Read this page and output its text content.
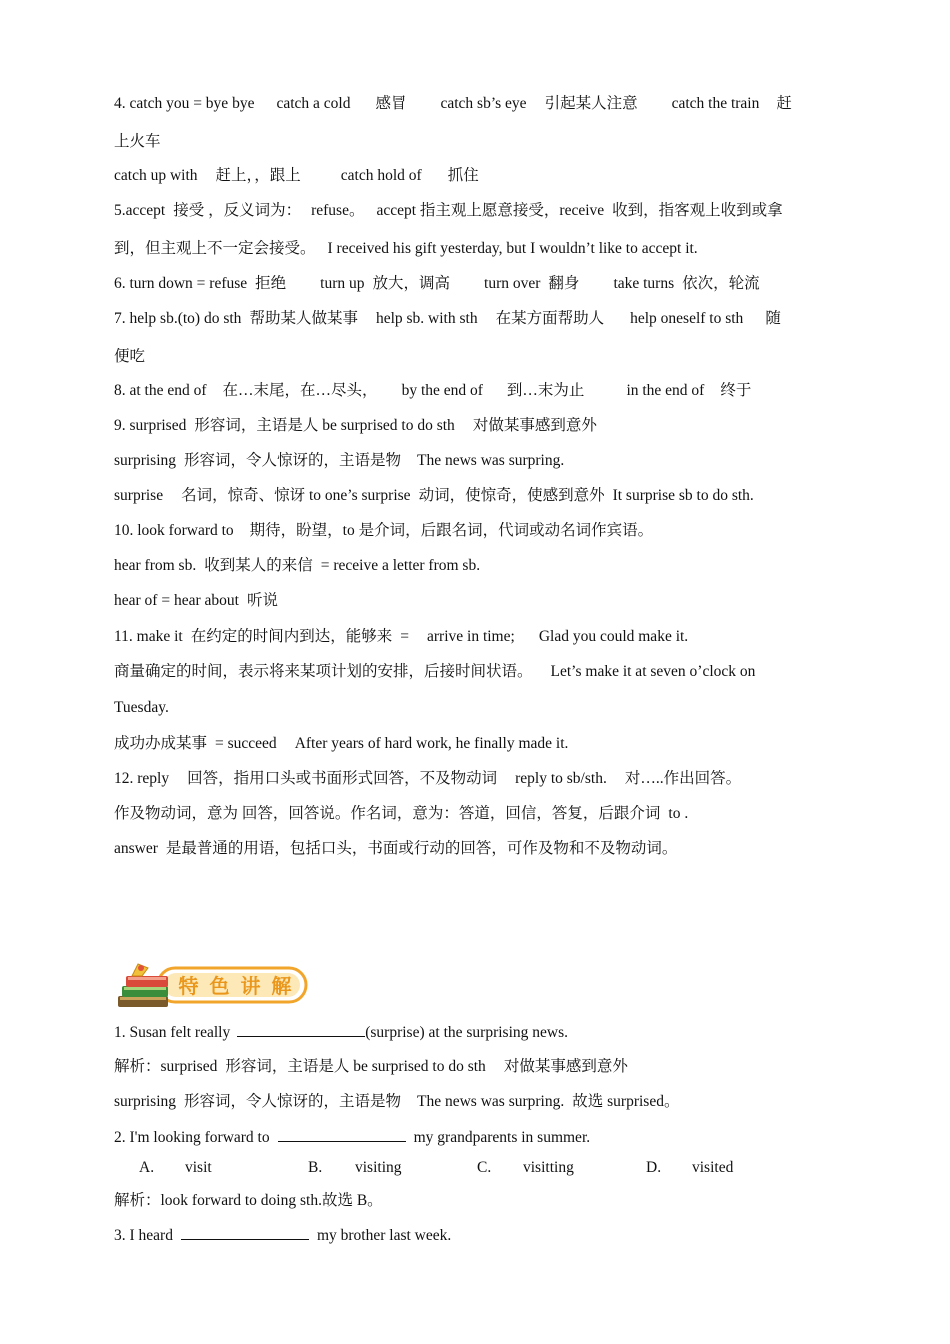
4. catch you = bye bye catch a cold 感冒 catch sb’s eye 引起某人注意 catch the train 赶
上火车
catch up with 赶上，，跟上	catch hold of 抓住
5.accept 接受 ，反义词为： refuse。 accept 指主观上愿意接受，receive 收到，指客观上收到或拿
到，但主观上不一定会接受。 I received his gift yesterday, but I wouldn’t like to accept it.
6. turn down = refuse 拒绝 turn up 放大，调高 turn over 翻身 take turns 依次，轮流
7. help sb.(to) do sth 帮助某人做某事 help sb. with sth 在某方面帮助人 help oneself to sth 随
便吃
8. at the end of 在…末尾，在…尽头， by the end of 到…末为止	in the end of 终于
9. surprised 形容词，主语是人 be surprised to do sth 对做某事感到意外
surprising 形容词，令人惊讶的，主语是物 The news was surpring.
surprise 名词，惊奇、惊讶 to one’s surprise 动词，使惊奇，使感到意外 It surprise sb to do sth.
10. look forward to 期待，盼望，to 是介词，后跟名词，代词或动名词作宾语。
hear from sb. 收到某人的来信 = receive a letter from sb.
hear of = hear about 听说
11. make it 在约定的时间内到达，能够来 = arrive in time; Glad you could make it.
商量确定的时间，表示将来某项计划的安排，后接时间状语。 Let’s make it at seven o’clock on
Tuesday.
成功办成某事 = succeed After years of hard work, he finally made it.
12. reply 回答，指用口头或书面形式回答，不及物动词 reply to sb/sth. 对…..作出回答。
作及物动词，意为 回答，回答说。作名词，意为：答道，回信，答复，后跟介词 to .
answer 是最普通的用语，包括口头，书面或行动的回答，可作及物和不及物动词。
特 色 讲 解
1. Susan felt really	(surprise) at the surprising news.
解析：surprised 形容词，主语是人 be surprised to do sth 对做某事感到意外
surprising 形容词，令人惊讶的，主语是物 The news was surpring. 故选 surprised。
2. I'm looking forward to	my grandparents in summer.
A. visit	B. visiting	C. visitting	D. visited
解析：look forward to doing sth.故选 B。
3. I heard	my brother last week.
